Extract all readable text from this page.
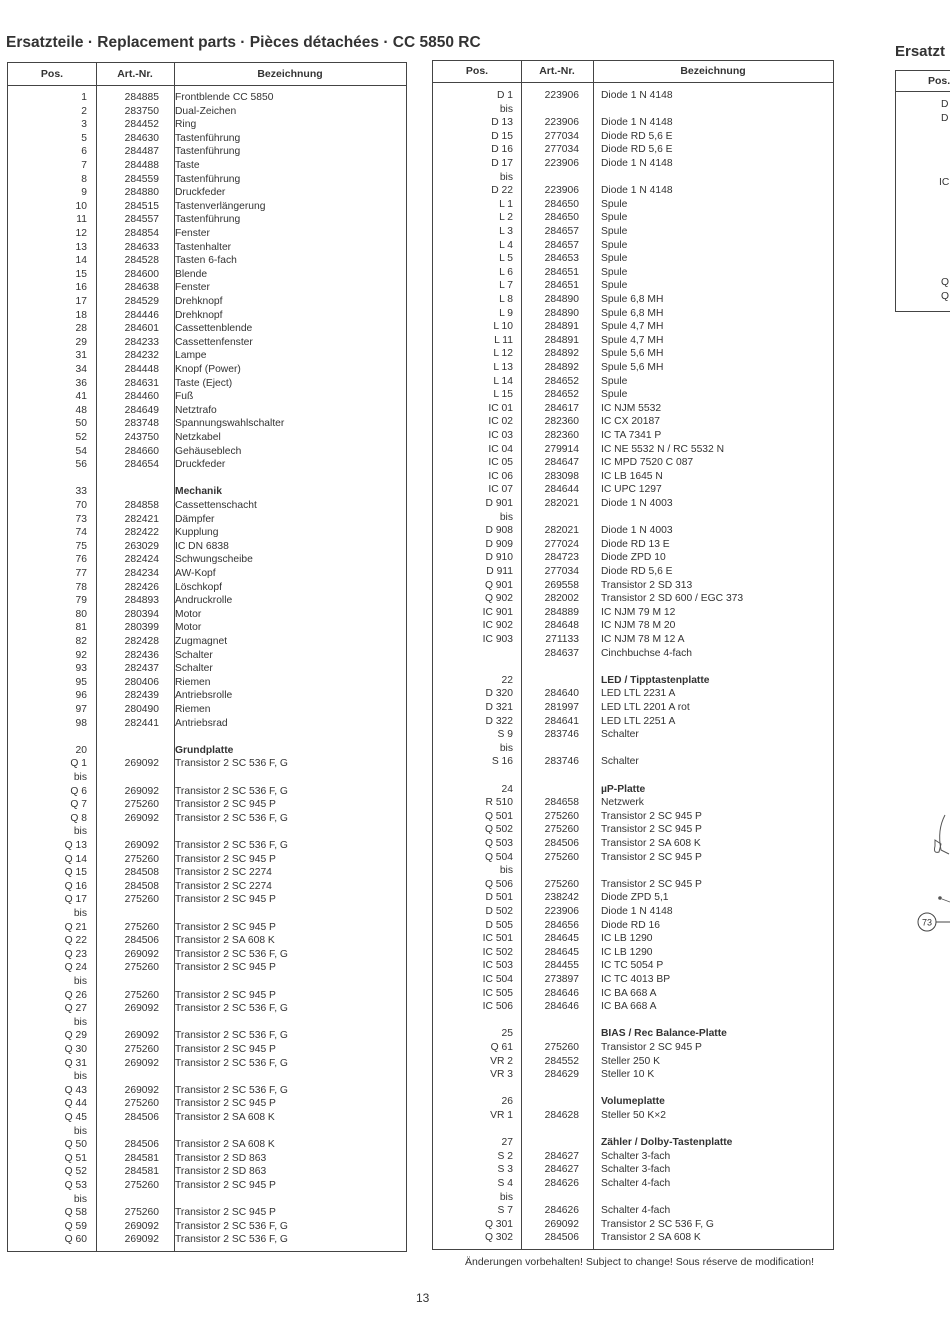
Ersatzteile · Replacement parts · Pièces détachées · CC 5850 RC
Ersatzt
Pos.	Art.-Nr.	Bezeichnung
1	284885 Frontblende CC 5850
2	283750 Dual-Zeichen
3	284452 Ring
5	284630 Tastenführung
6	284487 Tastenführung
7	284488 Taste
8	284559 Tastenführung
9	284880 Druckfeder
10	284515 Tastenverlängerung
11	284557 Tastenführung
12	284854 Fenster
13	284633 Tastenhalter
14	284528 Tasten 6-fach
15	284600 Blende
16	284638 Fenster
17	284529 Drehknopf
18	284446 Drehknopf
28	284601 Cassettenblende
29	284233 Cassettenfenster
31	284232 Lampe
34	284448 Knopf (Power)
36	284631 Taste (Eject)
41	284460 Fuß
48	284649 Netztrafo
50	283748 Spannungswahlschalter
52	243750 Netzkabel
54	284660 Gehäuseblech
56	284654 Druckfeder
33	Mechanik
70	284858 Cassettenschacht
73	282421 Dämpfer
74	282422 Kupplung
75	263029 IC DN 6838
76	282424 Schwungscheibe
77	284234 AW-Kopf
78	282426 Löschkopf
79	284893 Andruckrolle
80	280394 Motor
81	280399 Motor
82	282428 Zugmagnet
92	282436 Schalter
93	282437 Schalter
95	280406 Riemen
96	282439 Antriebsrolle
97	280490 Riemen
98	282441 Antriebsrad
20	Grundplatte
Q 1	269092 Transistor 2 SC 536 F, G
bis
Q 6	269092 Transistor 2 SC 536 F, G
Q 7	275260 Transistor 2 SC 945 P
Q 8	269092 Transistor 2 SC 536 F, G
bis
Q 13	269092 Transistor 2 SC 536 F, G
Q 14	275260 Transistor 2 SC 945 P
Q 15	284508 Transistor 2 SC 2274
Q 16	284508 Transistor 2 SC 2274
Q 17	275260 Transistor 2 SC 945 P
bis
Q 21	275260 Transistor 2 SC 945 P
Q 22	284506 Transistor 2 SA 608 K
Q 23	269092 Transistor 2 SC 536 F, G
Q 24	275260 Transistor 2 SC 945 P
bis
Q 26	275260 Transistor 2 SC 945 P
Q 27	269092 Transistor 2 SC 536 F, G
bis
Q 29	269092 Transistor 2 SC 536 F, G
Q 30	275260 Transistor 2 SC 945 P
Q 31	269092 Transistor 2 SC 536 F, G
bis
Q 43	269092 Transistor 2 SC 536 F, G
Q 44	275260 Transistor 2 SC 945 P
Q 45	284506 Transistor 2 SA 608 K
bis
Q 50	284506 Transistor 2 SA 608 K
Q 51	284581 Transistor 2 SD 863
Q 52	284581 Transistor 2 SD 863
Q 53	275260 Transistor 2 SC 945 P
bis
Q 58	275260 Transistor 2 SC 945 P
Q 59	269092 Transistor 2 SC 536 F, G
Q 60	269092 Transistor 2 SC 536 F, G
Pos.	Art.-Nr.	Bezeichnung
D 1	223906 Diode 1 N 4148
bis
D 13	223906 Diode 1 N 4148
D 15	277034 Diode RD 5,6 E
D 16	277034 Diode RD 5,6 E
D 17	223906 Diode 1 N 4148
bis
D 22	223906 Diode 1 N 4148
L 1	284650 Spule
L 2	284650 Spule
L 3	284657 Spule
L 4	284657 Spule
L 5	284653 Spule
L 6	284651 Spule
L 7	284651 Spule
L 8	284890 Spule 6,8 MH
L 9	284890 Spule 6,8 MH
L 10	284891 Spule 4,7 MH
L 11	284891 Spule 4,7 MH
L 12	284892 Spule 5,6 MH
L 13	284892 Spule 5,6 MH
L 14	284652 Spule
L 15	284652 Spule
IC 01	284617 IC NJM 5532
IC 02	282360 IC CX 20187
IC 03	282360 IC TA 7341 P
IC 04	279914 IC NE 5532 N / RC 5532 N
IC 05	284647 IC MPD 7520 C 087
IC 06	283098 IC LB 1645 N
IC 07	284644 IC UPC 1297
D 901	282021 Diode 1 N 4003
bis
D 908	282021 Diode 1 N 4003
D 909	277024 Diode RD 13 E
D 910	284723 Diode ZPD 10
D 911	277034 Diode RD 5,6 E
Q 901	269558 Transistor 2 SD 313
Q 902	282002 Transistor 2 SD 600 / EGC 373
IC 901	284889 IC NJM 79 M 12
IC 902	284648 IC NJM 78 M 20
IC 903	271133 IC NJM 78 M 12 A
284637 Cinchbuchse 4-fach
22	LED / Tipptastenplatte
D 320	284640 LED LTL 2231 A
D 321	281997 LED LTL 2201 A rot
D 322	284641 LED LTL 2251 A
S 9	283746 Schalter
bis
S 16	283746 Schalter
24	µP-Platte
R 510	284658 Netzwerk
Q 501	275260 Transistor 2 SC 945 P
Q 502	275260 Transistor 2 SC 945 P
Q 503	284506 Transistor 2 SA 608 K
Q 504	275260 Transistor 2 SC 945 P
bis
Q 506	275260 Transistor 2 SC 945 P
D 501	238242 Diode ZPD 5,1
D 502	223906 Diode 1 N 4148
D 505	284656 Diode RD 16
IC 501	284645 IC LB 1290
IC 502	284645 IC LB 1290
IC 503	284455 IC TC 5054 P
IC 504	273897 IC TC 4013 BP
IC 505	284646 IC BA 668 A
IC 506	284646 IC BA 668 A
25	BIAS / Rec Balance-Platte
Q 61	275260 Transistor 2 SC 945 P
VR 2	284552 Steller 250 K
VR 3	284629 Steller 10 K
26	Volumeplatte
VR 1	284628 Steller 50 K×2
27	Zähler / Dolby-Tastenplatte
S 2	284627 Schalter 3-fach
S 3	284627 Schalter 3-fach
S 4	284626 Schalter 4-fach
bis
S 7	284626 Schalter 4-fach
Q 301	269092 Transistor 2 SC 536 F, G
Q 302	284506 Transistor 2 SA 608 K
Änderungen vorbehalten! Subject to change! Sous réserve de modification!
13
Pos.
D
D
IC
Q
Q
73
